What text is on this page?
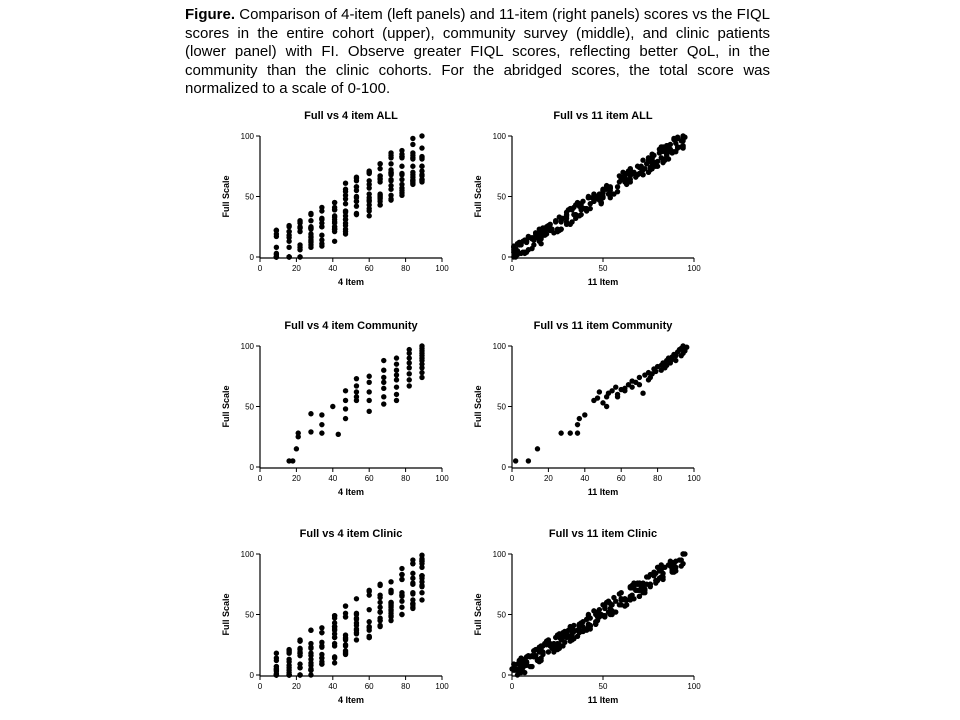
Figure. Comparison of 4-item (left panels) and 11-item (right panels) scores vs the FIQL scores in the entire cohort (upper), community survey (middle), and clinic patients (lower panel) with FI. Observe greater FIQL scores, reflecting better QoL, in the community than the clinic cohorts. For the abridged scores, the total score was normalized to a scale of 0-100.
Full vs 4 item ALL
0
50
100
0	20	40	60	80	100
4 Item
Full Scale
Full vs 11 item ALL
0
50
100
0	50	100
11 Item
Full Scale
Full vs 4 item Community
0
50
100
0	20	40	60	80	100
4 Item
Full Scale
Full vs 11 item Community
0
50
100
0	20	40	60	80	100
11 Item
Full Scale
Full vs 4 item Clinic
0
50
100
0	20	40	60	80	100
4 Item
Full Scale
Full vs 11 item Clinic
0
50
100
0	50	100
11 Item
Full Scale
